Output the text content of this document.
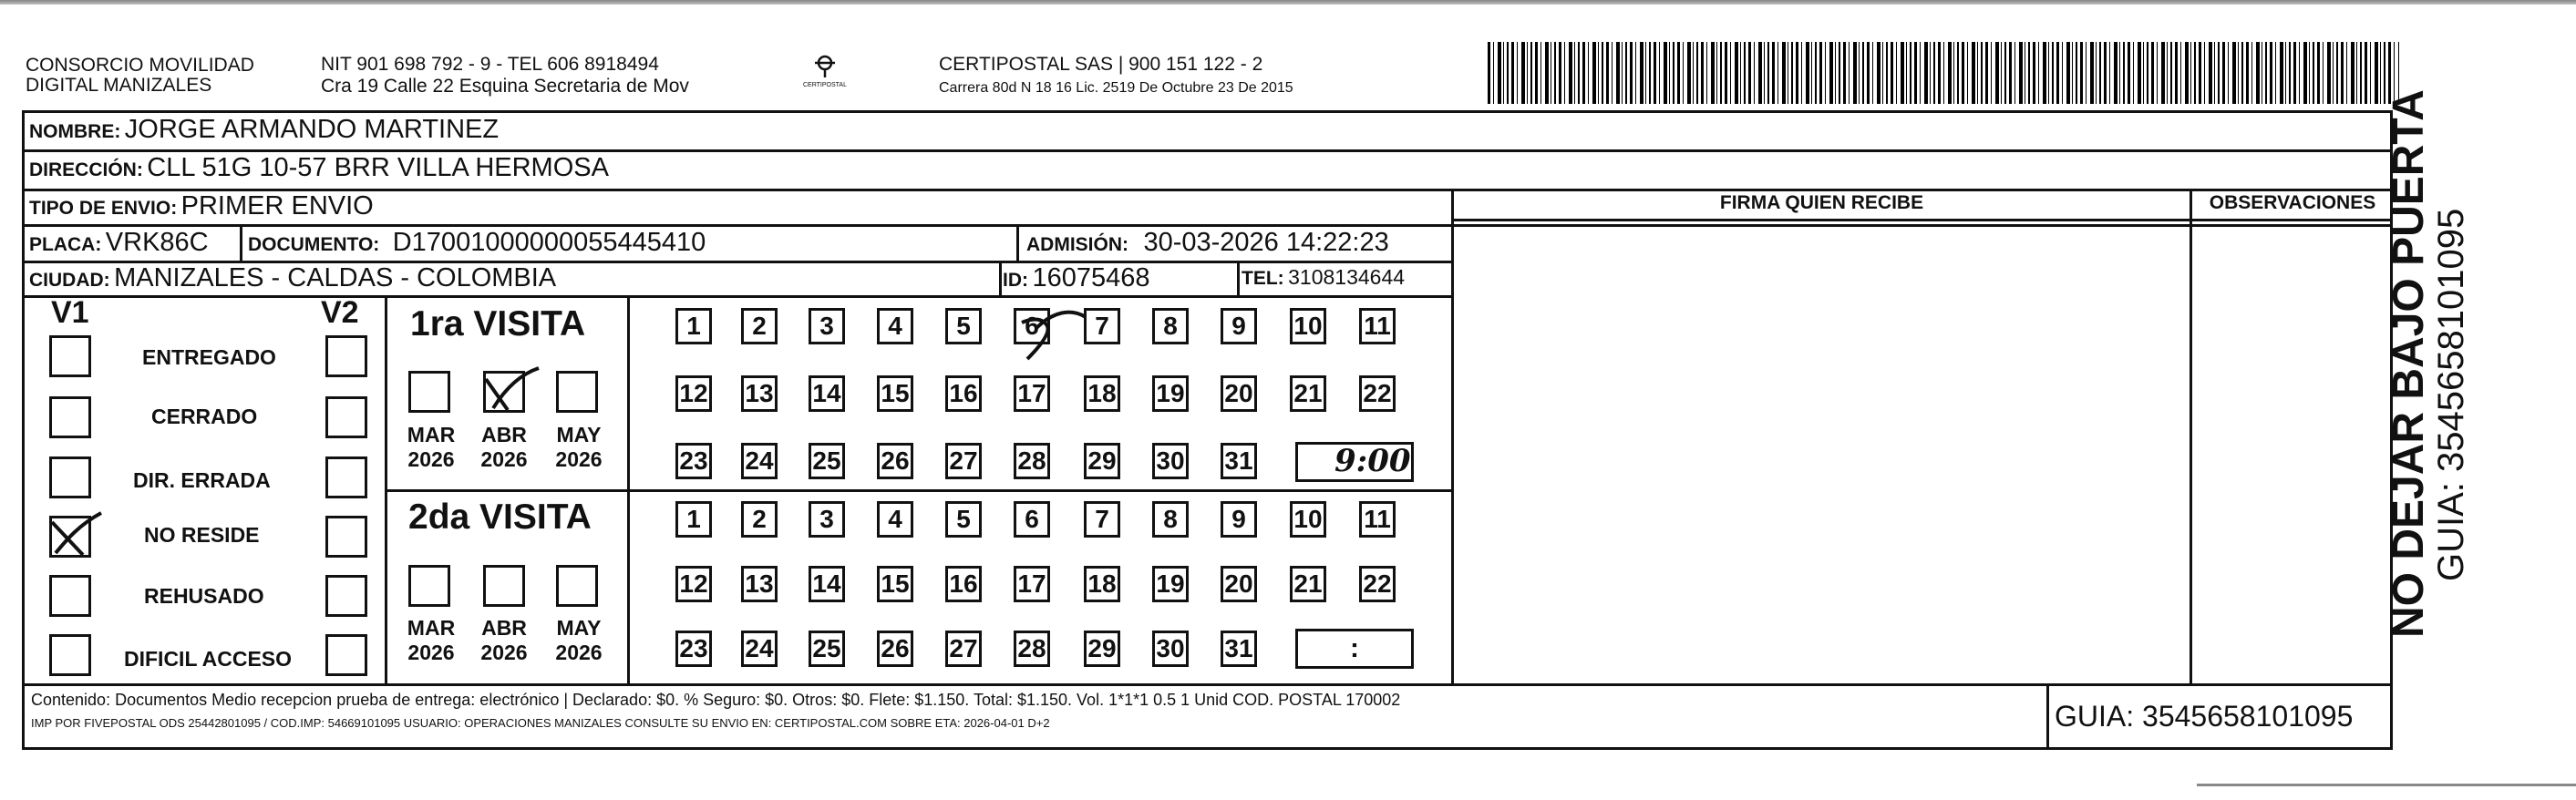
CONSORCIO MOVILIDAD
DIGITAL MANIZALES
NIT 901 698 792 - 9 - TEL 606 8918494
Cra 19 Calle 22 Esquina Secretaria de Mov	CERTIPOSTAL
CERTIPOSTAL SAS | 900 151 122 - 2
Carrera 80d N 18 16 Lic. 2519 De Octubre 23 De 2015
NOMBRE: JORGE ARMANDO MARTINEZ
DIRECCIÓN: CLL 51G 10-57 BRR VILLA HERMOSA
TIPO DE ENVIO: PRIMER ENVIO
PLACA: VRK86C DOCUMENTO: D17001000000055445410	ADMISIÓN: 30-03-2026 14:22:23
CIUDAD: MANIZALES - CALDAS - COLOMBIA	ID: 16075468	TEL: 3108134644
FIRMA QUIEN RECIBE	OBSERVACIONES
V1	V2
ENTREGADO
CERRADO
DIR. ERRADA
NO RESIDE
REHUSADO
DIFICIL ACCESO
1ra VISITA
2da VISITA
MAR
2026
ABR
2026
MAY
2026
MAR
2026
ABR
2026
MAY
2026
1	2	3	4	5	6	7	8	9	10 11
12 13 14 15 16 17 18 19 20 21 22
23 24 25 26 27 28 29 30 31
1	2	3	4	5	6	7	8	9	10 11
12 13 14 15 16 17 18 19 20 21 22
23 24 25 26 27 28 29 30 31
9:00
:
Contenido: Documentos Medio recepcion prueba de entrega: electrónico | Declarado: $0. % Seguro: $0. Otros: $0. Flete: $1.150. Total: $1.150. Vol. 1*1*1 0.5 1 Unid COD. POSTAL 170002
IMP POR FIVEPOSTAL ODS 25442801095 / COD.IMP: 54669101095 USUARIO: OPERACIONES MANIZALES CONSULTE SU ENVIO EN: CERTIPOSTAL.COM SOBRE ETA: 2026-04-01 D+2	GUIA: 3545658101095
NO DEJAR BAJO PUERTA
GUIA: 3545658101095
